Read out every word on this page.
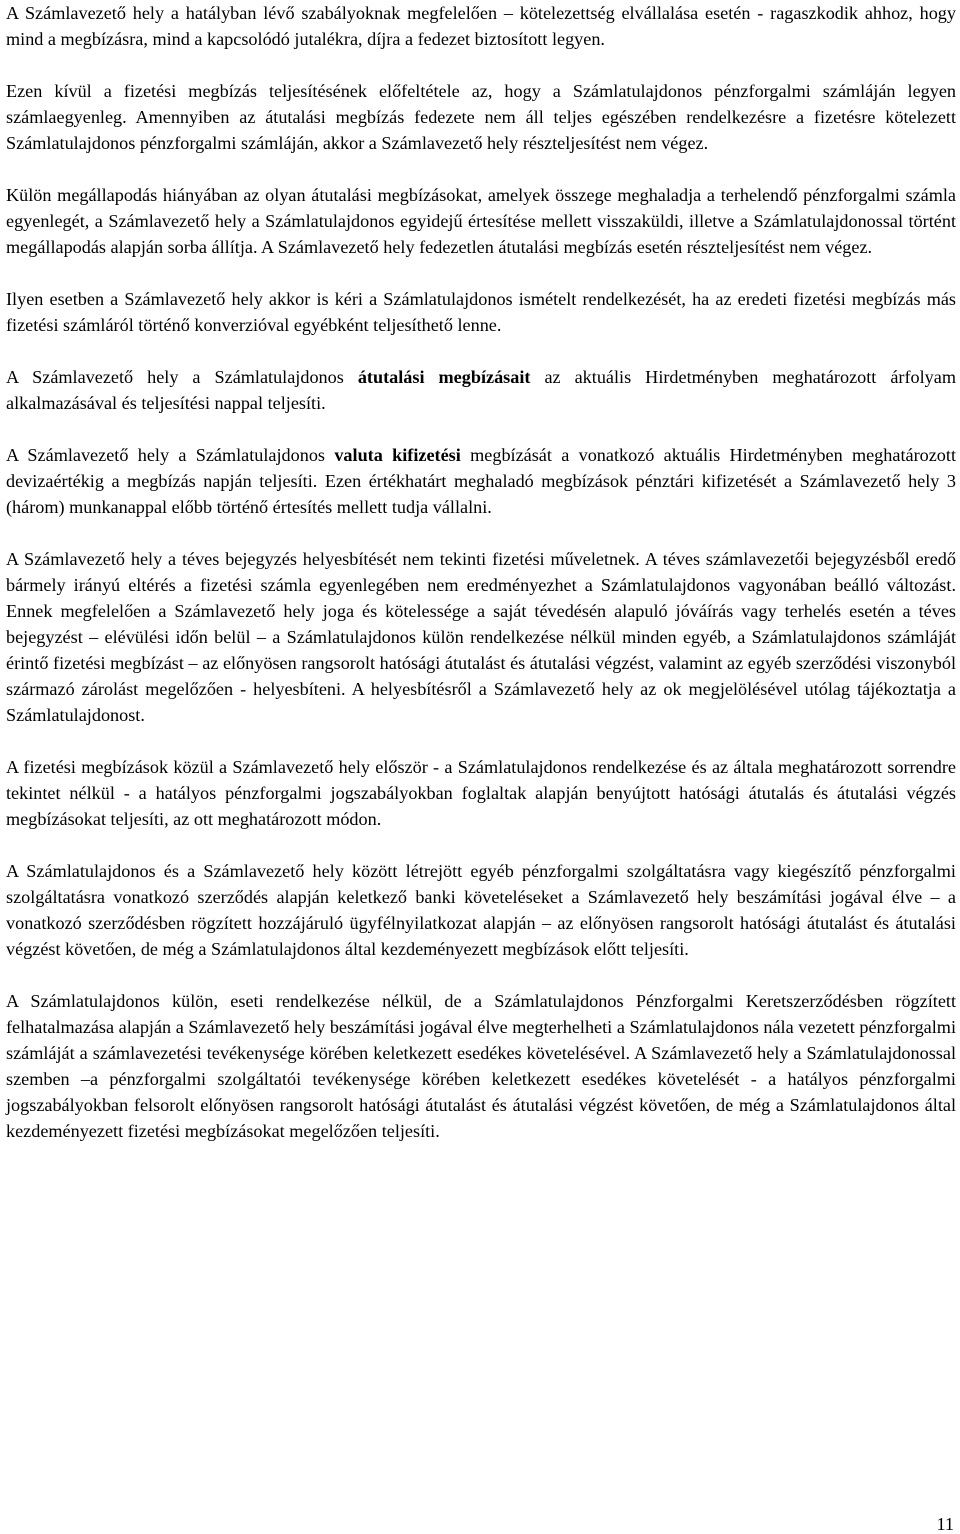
A Számlavezető hely a hatályban lévő szabályoknak megfelelően – kötelezettség elvállalása esetén - ragaszkodik ahhoz, hogy mind a megbízásra, mind a kapcsolódó jutalékra, díjra a fedezet biztosított legyen.

Ezen kívül a fizetési megbízás teljesítésének előfeltétele az, hogy a Számlatulajdonos pénzforgalmi számláján legyen számlaegyenleg. Amennyiben az átutalási megbízás fedezete nem áll teljes egészében rendelkezésre a fizetésre kötelezett Számlatulajdonos pénzforgalmi számláján, akkor a Számlavezető hely részteljesítést nem végez.

Külön megállapodás hiányában az olyan átutalási megbízásokat, amelyek összege meghaladja a terhelendő pénzforgalmi számla egyenlegét, a Számlavezető hely a Számlatulajdonos egyidejű értesítése mellett visszaküldi, illetve a Számlatulajdonossal történt megállapodás alapján sorba állítja. A Számlavezető hely fedezetlen átutalási megbízás esetén részteljesítést nem végez.

Ilyen esetben a Számlavezető hely akkor is kéri a Számlatulajdonos ismételt rendelkezését, ha az eredeti fizetési megbízás más fizetési számláról történő konverzióval egyébként teljesíthető lenne.

A Számlavezető hely a Számlatulajdonos átutalási megbízásait az aktuális Hirdetményben meghatározott árfolyam alkalmazásával és teljesítési nappal teljesíti.

A Számlavezető hely a Számlatulajdonos valuta kifizetési megbízását a vonatkozó aktuális Hirdetményben meghatározott devizaértékig a megbízás napján teljesíti. Ezen értékhatárt meghaladó megbízások pénztári kifizetését a Számlavezető hely 3 (három) munkanappal előbb történő értesítés mellett tudja vállalni.

A Számlavezető hely a téves bejegyzés helyesbítését nem tekinti fizetési műveletnek. A téves számlavezetői bejegyzésből eredő bármely irányú eltérés a fizetési számla egyenlegében nem eredményezhet a Számlatulajdonos vagyonában beálló változást. Ennek megfelelően a Számlavezető hely joga és kötelessége a saját tévedésén alapuló jóváírás vagy terhelés esetén a téves bejegyzést – elévülési időn belül – a Számlatulajdonos külön rendelkezése nélkül minden egyéb, a Számlatulajdonos számláját érintő fizetési megbízást – az előnyösen rangsorolt hatósági átutalást és átutalási végzést, valamint az egyéb szerződési viszonyból származó zárolást megelőzően - helyesbíteni. A helyesbítésről a Számlavezető hely az ok megjelölésével utólag tájékoztatja a Számlatulajdonost.

A fizetési megbízások közül a Számlavezető hely először - a Számlatulajdonos rendelkezése és az általa meghatározott sorrendre tekintet nélkül - a hatályos pénzforgalmi jogszabályokban foglaltak alapján benyújtott hatósági átutalás és átutalási végzés megbízásokat teljesíti, az ott meghatározott módon.

A Számlatulajdonos és a Számlavezető hely között létrejött egyéb pénzforgalmi szolgáltatásra vagy kiegészítő pénzforgalmi szolgáltatásra vonatkozó szerződés alapján keletkező banki követeléseket a Számlavezető hely beszámítási jogával élve – a vonatkozó szerződésben rögzített hozzájáruló ügyfélnyilatkozat alapján – az előnyösen rangsorolt hatósági átutalást és átutalási végzést követően, de még a Számlatulajdonos által kezdeményezett megbízások előtt teljesíti.

A Számlatulajdonos külön, eseti rendelkezése nélkül, de a Számlatulajdonos Pénzforgalmi Keretszerződésben rögzített felhatalmazása alapján a Számlavezető hely beszámítási jogával élve megterhelheti a Számlatulajdonos nála vezetett pénzforgalmi számláját a számlavezetési tevékenysége körében keletkezett esedékes követelésével. A Számlavezető hely a Számlatulajdonossal szemben –a pénzforgalmi szolgáltatói tevékenysége körében keletkezett esedékes követelését - a hatályos pénzforgalmi jogszabályokban felsorolt előnyösen rangsorolt hatósági átutalást és átutalási végzést követően, de még a Számlatulajdonos által kezdeményezett fizetési megbízásokat megelőzően teljesíti.

11
